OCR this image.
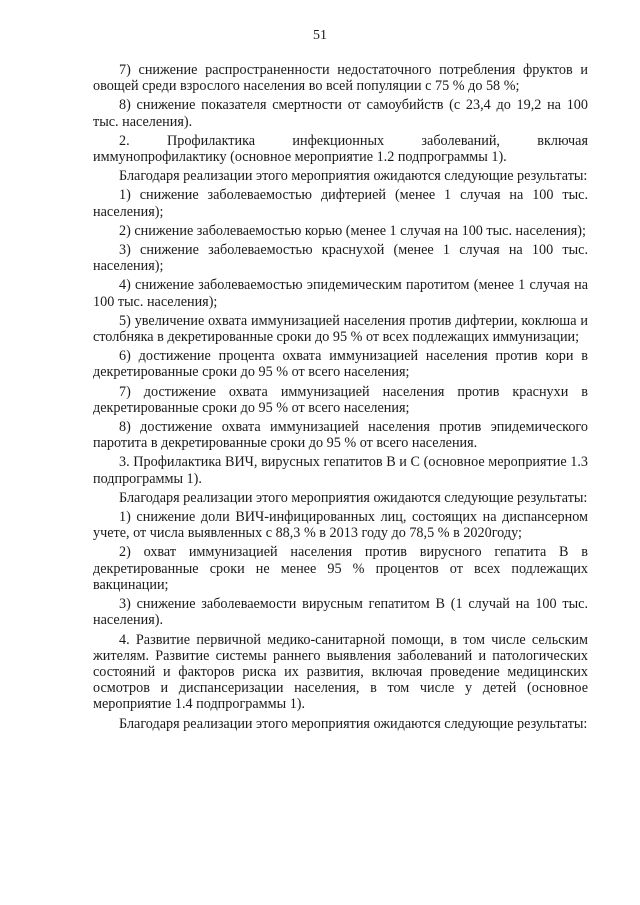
51

7) снижение распространенности недостаточного потребления фруктов и овощей среди взрослого населения во всей популяции с 75 % до 58 %;

8) снижение показателя смертности от самоубийств (с 23,4 до 19,2 на 100 тыс. населения).

2. Профилактика инфекционных заболеваний, включая иммунопрофилактику (основное мероприятие 1.2 подпрограммы 1).

Благодаря реализации этого мероприятия ожидаются следующие результаты:

1) снижение заболеваемостью дифтерией (менее 1 случая на 100 тыс. населения);

2) снижение заболеваемостью корью (менее 1 случая на 100 тыс. населения);

3) снижение заболеваемостью краснухой (менее 1 случая на 100 тыс. населения);

4) снижение заболеваемостью эпидемическим паротитом (менее 1 случая на 100 тыс. населения);

5) увеличение охвата иммунизацией населения против дифтерии, коклюша и столбняка в декретированные сроки до 95 % от всех подлежащих иммунизации;

6) достижение процента охвата иммунизацией населения против кори в декретированные сроки до 95 % от всего населения;

7) достижение охвата иммунизацией населения против краснухи в декретированные сроки до 95 % от всего населения;

8) достижение охвата иммунизацией населения против эпидемического паротита в декретированные сроки до 95 % от всего населения.

3. Профилактика ВИЧ, вирусных гепатитов В и С (основное мероприятие 1.3 подпрограммы 1).

Благодаря реализации этого мероприятия ожидаются следующие результаты:

1) снижение доли ВИЧ-инфицированных лиц, состоящих на диспансерном учете, от числа выявленных с 88,3 % в 2013 году до 78,5 % в 2020году;

2) охват иммунизацией населения против вирусного гепатита В в декретированные сроки не менее 95 % процентов от всех подлежащих вакцинации;

3) снижение заболеваемости вирусным гепатитом В (1 случай на 100 тыс. населения).

4. Развитие первичной медико-санитарной помощи, в том числе сельским жителям. Развитие системы раннего выявления заболеваний и патологических состояний и факторов риска их развития, включая проведение медицинских осмотров и диспансеризации населения, в том числе у детей (основное мероприятие 1.4 подпрограммы 1).

Благодаря реализации этого мероприятия ожидаются следующие результаты:
